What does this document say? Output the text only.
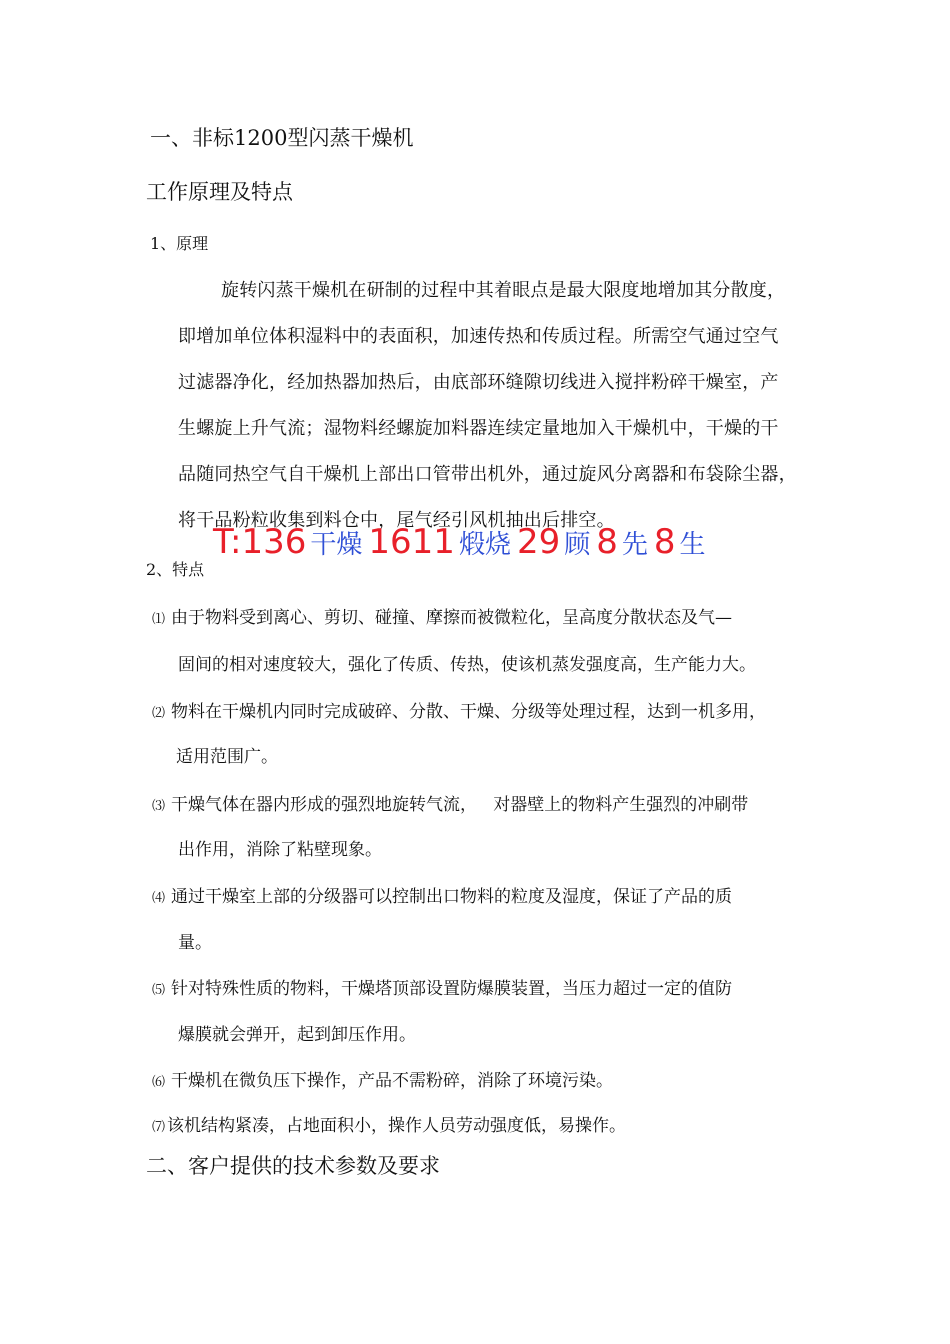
一、非标1200型闪蒸干燥机
工作原理及特点
1、原理
旋转闪蒸干燥机在研制的过程中其着眼点是最大限度地增加其分散度，
即增加单位体积湿料中的表面积，加速传热和传质过程。所需空气通过空气
过滤器净化，经加热器加热后，由底部环缝隙切线进入搅拌粉碎干燥室，产
生螺旋上升气流；湿物料经螺旋加料器连续定量地加入干燥机中，干燥的干
品随同热空气自干燥机上部出口管带出机外，通过旋风分离器和布袋除尘器，
将干品粉粒收集到料仓中，尾气经引风机抽出后排空。
T:136 干燥 1611 煅烧 29 顾 8 先 8 生
2、特点
⑴ 由于物料受到离心、剪切、碰撞、摩擦而被微粒化，呈高度分散状态及气—
固间的相对速度较大，强化了传质、传热，使该机蒸发强度高，生产能力大。
⑵ 物料在干燥机内同时完成破碎、分散、干燥、分级等处理过程，达到一机多用，
适用范围广。
⑶ 干燥气体在器内形成的强烈地旋转气流，   对器壁上的物料产生强烈的冲刷带
出作用，消除了粘壁现象。
⑷ 通过干燥室上部的分级器可以控制出口物料的粒度及湿度，保证了产品的质
量。
⑸ 针对特殊性质的物料，干燥塔顶部设置防爆膜装置，当压力超过一定的值防
爆膜就会弹开，起到卸压作用。
⑹ 干燥机在微负压下操作，产品不需粉碎，消除了环境污染。
⑺ 该机结构紧凑，占地面积小，操作人员劳动强度低，易操作。
二、客户提供的技术参数及要求
